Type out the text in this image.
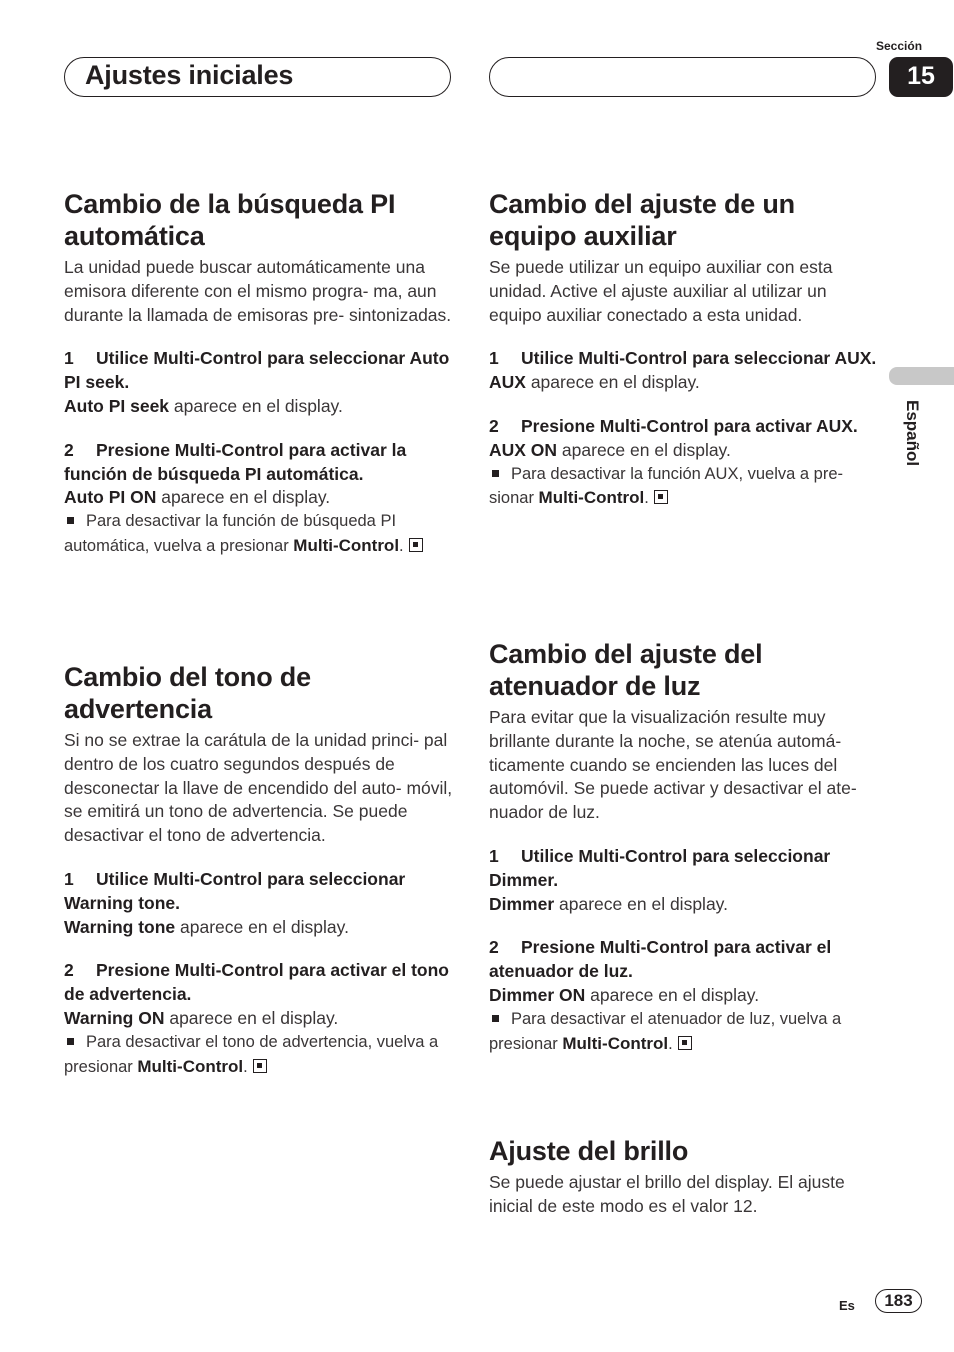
Ajustes iniciales
Sección
15
Español
Cambio de la búsqueda PI automática

La unidad puede buscar automáticamente una emisora diferente con el mismo progra- ma, aun durante la llamada de emisoras pre- sintonizadas.

1 Utilice Multi-Control para seleccionar Auto PI seek.
Auto PI seek aparece en el display.
2 Presione Multi-Control para activar la función de búsqueda PI automática.
Auto PI ON aparece en el display.
Para desactivar la función de búsqueda PI automática, vuelva a presionar Multi-Control.
Cambio del tono de advertencia

Si no se extrae la carátula de la unidad princi- pal dentro de los cuatro segundos después de desconectar la llave de encendido del auto- móvil, se emitirá un tono de advertencia. Se puede desactivar el tono de advertencia.

1 Utilice Multi-Control para seleccionar Warning tone.
Warning tone aparece en el display.
2 Presione Multi-Control para activar el tono de advertencia.
Warning ON aparece en el display.
Para desactivar el tono de advertencia, vuelva a presionar Multi-Control.
Cambio del ajuste de un equipo auxiliar

Se puede utilizar un equipo auxiliar con esta unidad. Active el ajuste auxiliar al utilizar un equipo auxiliar conectado a esta unidad.

1 Utilice Multi-Control para seleccionar AUX.
AUX aparece en el display.
2 Presione Multi-Control para activar AUX.
AUX ON aparece en el display.
Para desactivar la función AUX, vuelva a pre- sionar Multi-Control.
Cambio del ajuste del atenuador de luz

Para evitar que la visualización resulte muy brillante durante la noche, se atenúa automá- ticamente cuando se encienden las luces del automóvil. Se puede activar y desactivar el ate- nuador de luz.

1 Utilice Multi-Control para seleccionar Dimmer.
Dimmer aparece en el display.
2 Presione Multi-Control para activar el atenuador de luz.
Dimmer ON aparece en el display.
Para desactivar el atenuador de luz, vuelva a presionar Multi-Control.
Ajuste del brillo

Se puede ajustar el brillo del display. El ajuste inicial de este modo es el valor 12.

Es	183
